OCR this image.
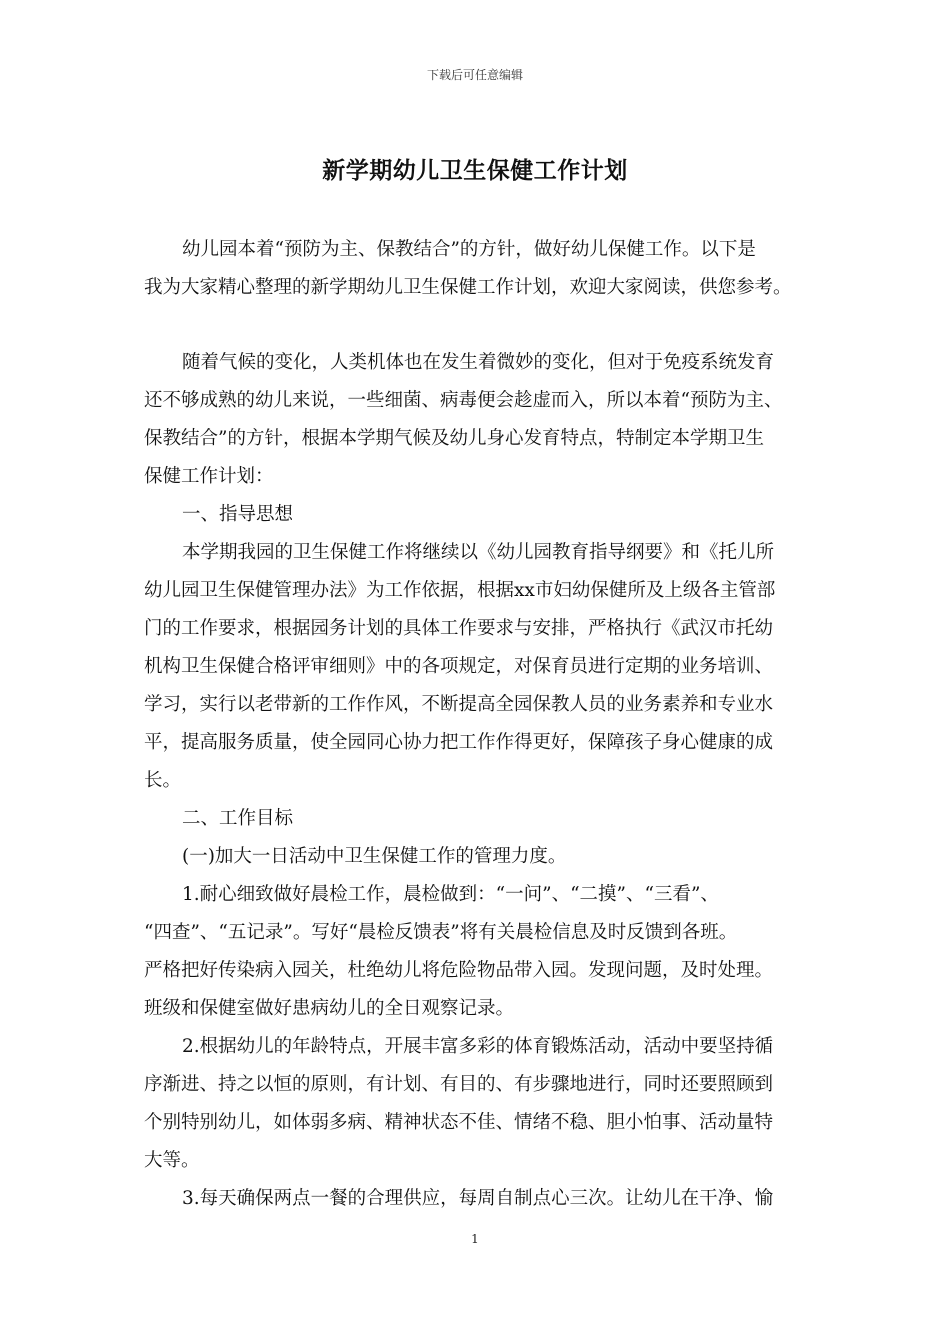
下载后可任意编辑
新学期幼儿卫生保健工作计划
幼儿园本着“预防为主、保教结合”的方针，做好幼儿保健工作。以下是
我为大家精心整理的新学期幼儿卫生保健工作计划，欢迎大家阅读，供您参考。
随着气候的变化，人类机体也在发生着微妙的变化，但对于免疫系统发育
还不够成熟的幼儿来说，一些细菌、病毒便会趁虚而入，所以本着“预防为主、
保教结合”的方针，根据本学期气候及幼儿身心发育特点，特制定本学期卫生
保健工作计划：
一、指导思想
本学期我园的卫生保健工作将继续以《幼儿园教育指导纲要》和《托儿所
幼儿园卫生保健管理办法》为工作依据，根据xx市妇幼保健所及上级各主管部
门的工作要求，根据园务计划的具体工作要求与安排，严格执行《武汉市托幼
机构卫生保健合格评审细则》中的各项规定，对保育员进行定期的业务培训、
学习，实行以老带新的工作作风，不断提高全园保教人员的业务素养和专业水
平，提高服务质量，使全园同心协力把工作作得更好，保障孩子身心健康的成
长。
二、工作目标
(一)加大一日活动中卫生保健工作的管理力度。
1.耐心细致做好晨检工作，晨检做到：“一问”、“二摸”、“三看”、
“四查”、“五记录”。写好“晨检反馈表”将有关晨检信息及时反馈到各班。
严格把好传染病入园关，杜绝幼儿将危险物品带入园。发现问题，及时处理。
班级和保健室做好患病幼儿的全日观察记录。
2.根据幼儿的年龄特点，开展丰富多彩的体育锻炼活动，活动中要坚持循
序渐进、持之以恒的原则，有计划、有目的、有步骤地进行，同时还要照顾到
个别特别幼儿，如体弱多病、精神状态不佳、情绪不稳、胆小怕事、活动量特
大等。
3.每天确保两点一餐的合理供应，每周自制点心三次。让幼儿在干净、愉
1
